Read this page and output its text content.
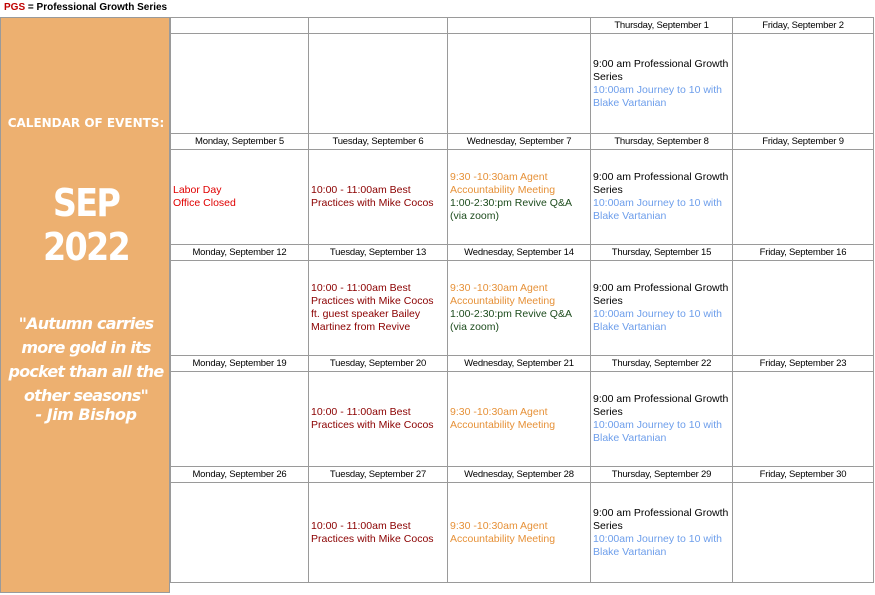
PGS = Professional Growth Series
CALENDAR OF EVENTS:
SEP 2022
"Autumn carries more gold in its pocket than all the other seasons"
- Jim Bishop
			Thursday, September 1	Friday, September 2

			9:00 am Professional Growth Series
10:00am Journey to 10 with Blake Vartanian	

Monday, September 5	Tuesday, September 6	Wednesday, September 7	Thursday, September 8	Friday, September 9

Labor Day
Office Closed	10:00 - 11:00am Best Practices with Mike Cocos	9:30 -10:30am Agent Accountability Meeting
1:00-2:30:pm Revive Q&A (via zoom)	9:00 am Professional Growth Series
10:00am Journey to 10 with Blake Vartanian	

Monday, September 12	Tuesday, September 13	Wednesday, September 14	Thursday, September 15	Friday, September 16

	10:00 - 11:00am Best Practices with Mike Cocos ft. guest speaker Bailey Martinez from Revive	9:30 -10:30am Agent Accountability Meeting
1:00-2:30:pm Revive Q&A (via zoom)	9:00 am Professional Growth Series
10:00am Journey to 10 with Blake Vartanian	

Monday, September 19	Tuesday, September 20	Wednesday, September 21	Thursday, September 22	Friday, September 23

	10:00 - 11:00am Best Practices with Mike Cocos	9:30 -10:30am Agent Accountability Meeting	9:00 am Professional Growth Series
10:00am Journey to 10 with Blake Vartanian	

Monday, September 26	Tuesday, September 27	Wednesday, September 28	Thursday, September 29	Friday, September 30

	10:00 - 11:00am Best Practices with Mike Cocos	9:30 -10:30am Agent Accountability Meeting	9:00 am Professional Growth Series
10:00am Journey to 10 with Blake Vartanian	
